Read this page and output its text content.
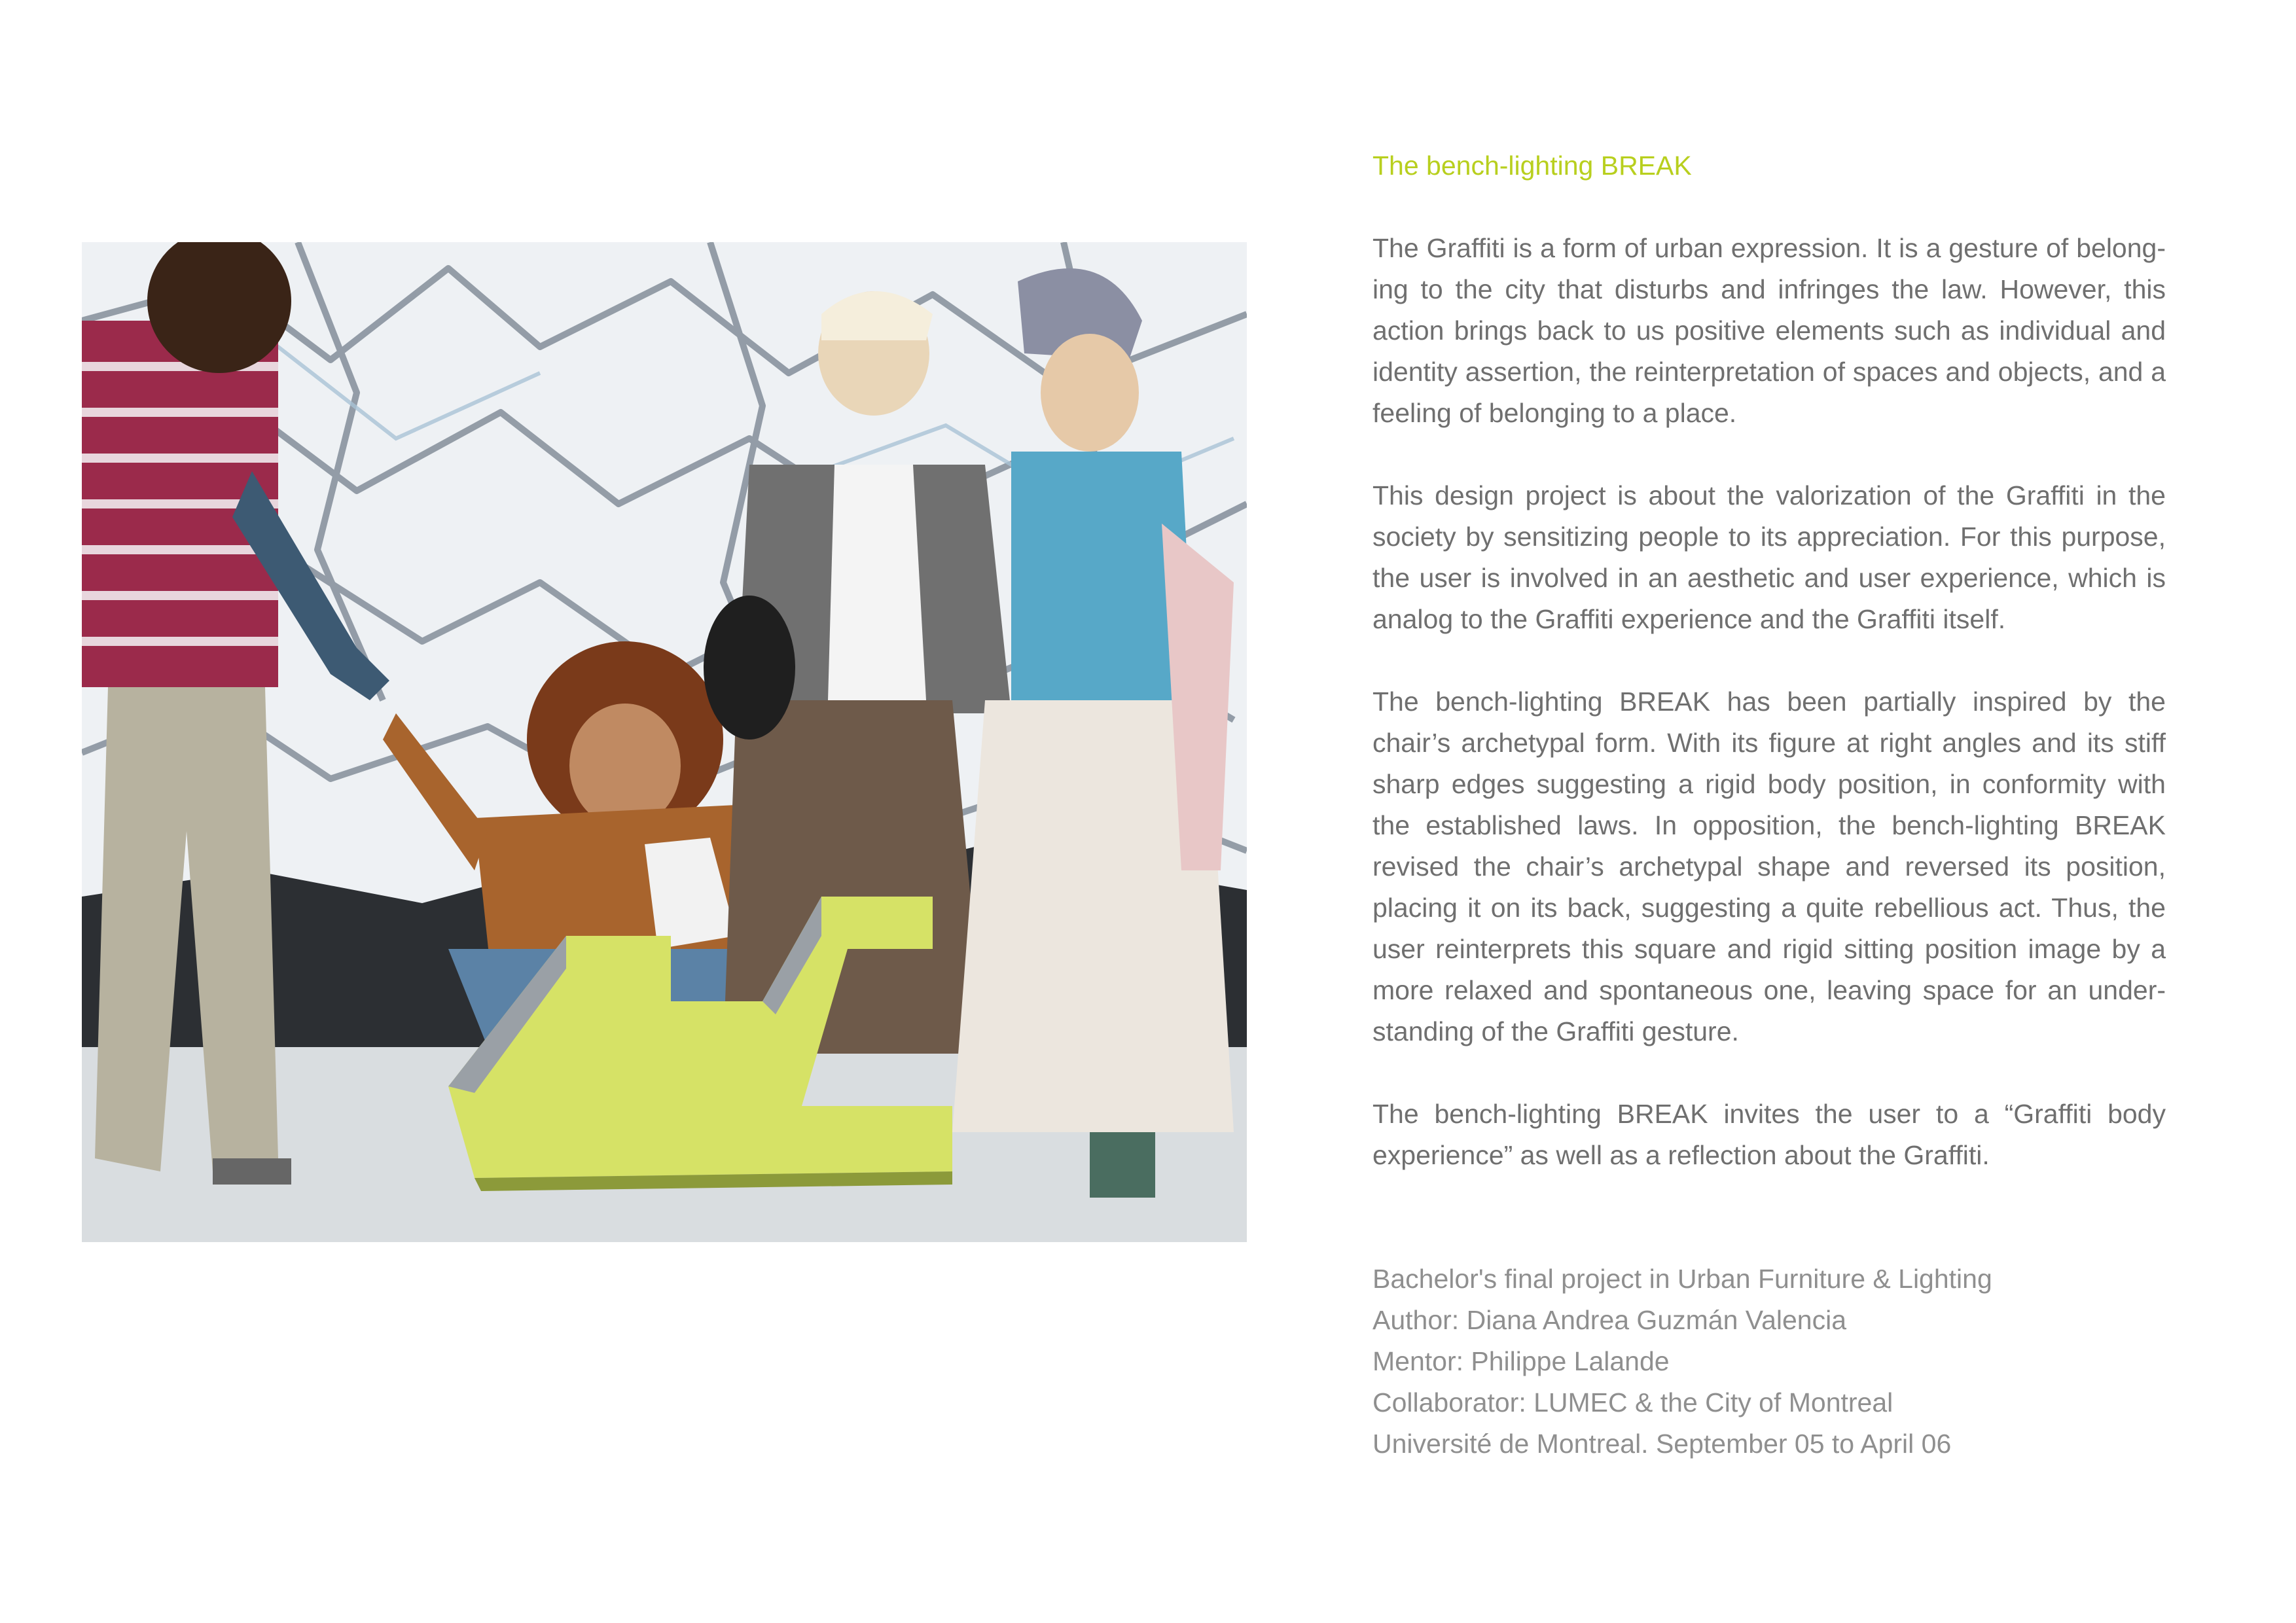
The bench-lighting BREAK

The Graffiti is a form of urban expression. It is a gesture of belong-ing to the city that disturbs and infringes the law. However, this action brings back to us positive elements such as individual and identity assertion, the reinterpretation of spaces and objects, and a feeling of belonging to a place.

This design project is about the valorization of the Graffiti in the society by sensitizing people to its appreciation. For this purpose, the user is involved in an aesthetic and user experience, which is analog to the Graffiti experience and the Graffiti itself.

The bench-lighting BREAK has been partially inspired by the chair’s archetypal form. With its figure at right angles and its stiff sharp edges suggesting a rigid body position, in conformity with the established laws. In opposition, the bench-lighting BREAK revised the chair’s archetypal shape and reversed its position, placing it on its back, suggesting a quite rebellious act. Thus, the user reinterprets this square and rigid sitting position image by a more relaxed and spontaneous one, leaving space for an under-standing of the Graffiti gesture.

The bench-lighting BREAK invites the user to a “Graffiti body experience” as well as a reflection about the Graffiti.

Bachelor's final project in Urban Furniture & Lighting
Author: Diana Andrea Guzmán Valencia
Mentor: Philippe Lalande
Collaborator: LUMEC & the City of Montreal
Université de Montreal. September 05 to April 06
